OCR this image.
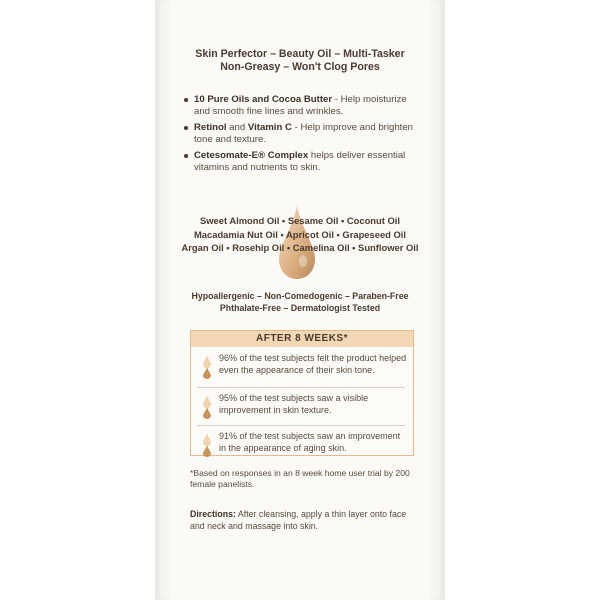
Skin Perfector – Beauty Oil – Multi-Tasker
Non-Greasy – Won't Clog Pores
10 Pure Oils and Cocoa Butter - Help moisturize and smooth fine lines and wrinkles.
Retinol and Vitamin C - Help improve and brighten tone and texture.
Cetesomate-E® Complex helps deliver essential vitamins and nutrients to skin.
Sweet Almond Oil • Sesame Oil • Coconut Oil
Macadamia Nut Oil • Apricot Oil • Grapeseed Oil
Argan Oil • Rosehip Oil • Camelina Oil • Sunflower Oil
Hypoallergenic – Non-Comedogenic – Paraben-Free
Phthalate-Free – Dermatologist Tested
AFTER 8 WEEKS*
96% of the test subjects felt the product helped even the appearance of their skin tone.
95% of the test subjects saw a visible improvement in skin texture.
91% of the test subjects saw an improvement in the appearance of aging skin.
*Based on responses in an 8 week home user trial by 200 female panelists.
Directions: After cleansing, apply a thin layer onto face and neck and massage into skin.
